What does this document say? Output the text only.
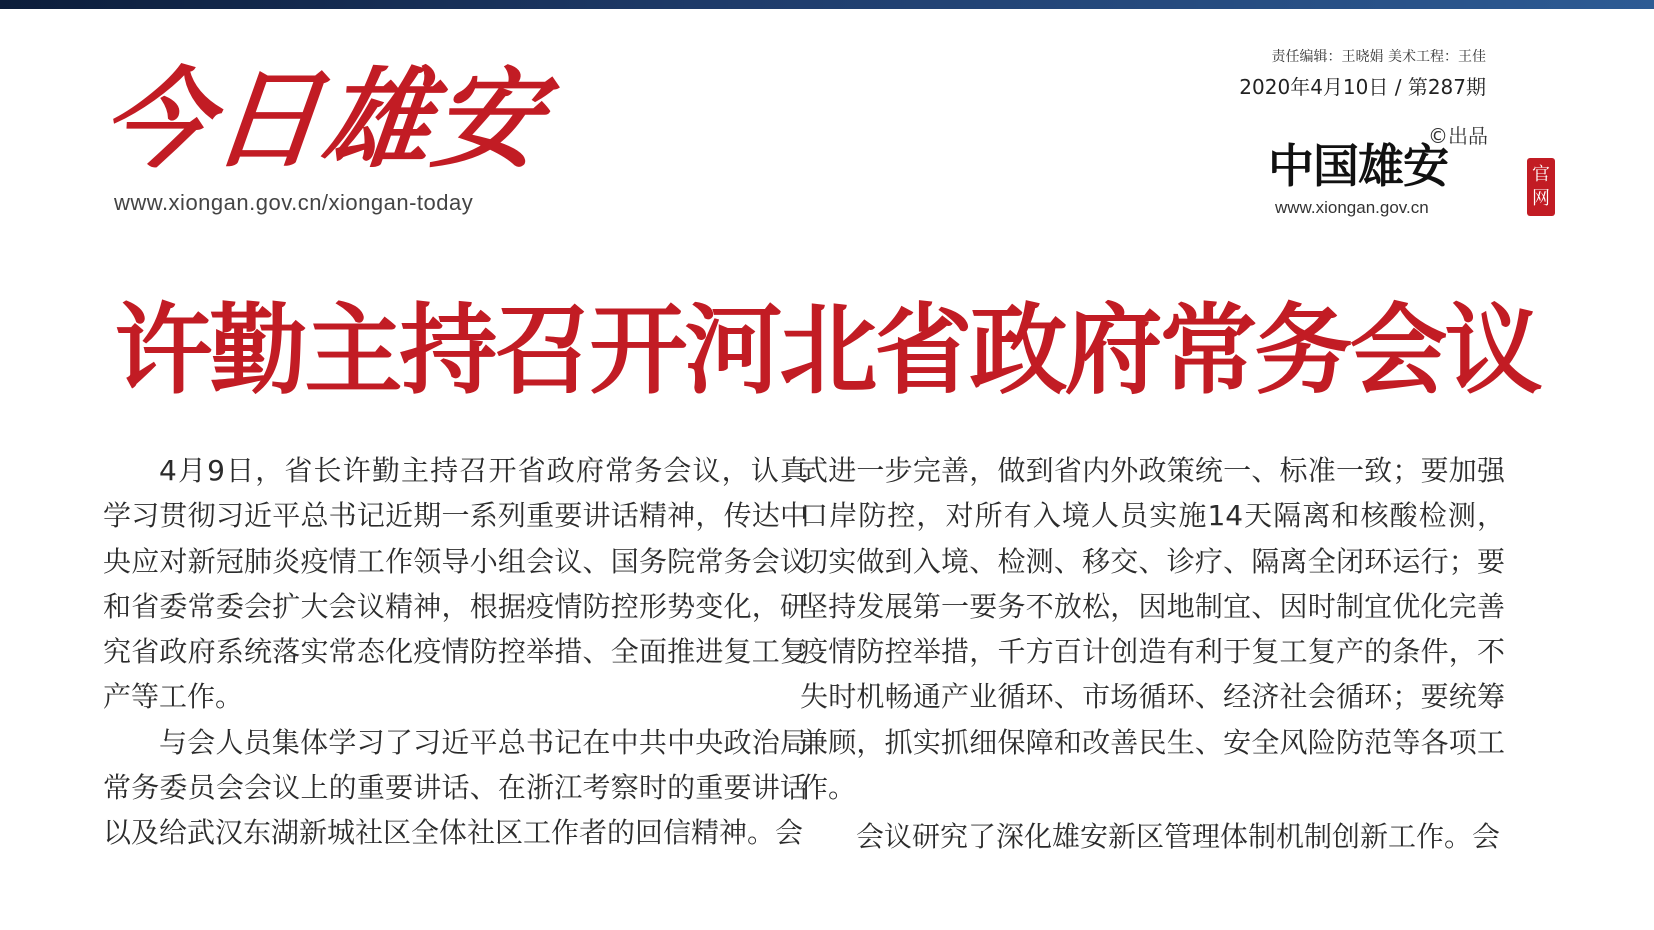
今日雄安
www.xiongan.gov.cn/xiongan-today
责任编辑：王晓娟 美术工程：王佳
2020年4月10日 / 第287期
©出品
中国雄安	官网
www.xiongan.gov.cn
许勤主持召开河北省政府常务会议

4月9日，省长许勤主持召开省政府常务会议，认真学习贯彻习近平总书记近期一系列重要讲话精神，传达中央应对新冠肺炎疫情工作领导小组会议、国务院常务会议和省委常委会扩大会议精神，根据疫情防控形势变化，研究省政府系统落实常态化疫情防控举措、全面推进复工复产等工作。

与会人员集体学习了习近平总书记在中共中央政治局常务委员会会议上的重要讲话、在浙江考察时的重要讲话以及给武汉东湖新城社区全体社区工作者的回信精神。会

式进一步完善，做到省内外政策统一、标准一致；要加强口岸防控，对所有入境人员实施14天隔离和核酸检测，切实做到入境、检测、移交、诊疗、隔离全闭环运行；要坚持发展第一要务不放松，因地制宜、因时制宜优化完善疫情防控举措，千方百计创造有利于复工复产的条件，不失时机畅通产业循环、市场循环、经济社会循环；要统筹兼顾，抓实抓细保障和改善民生、安全风险防范等各项工作。

会议研究了深化雄安新区管理体制机制创新工作。会
